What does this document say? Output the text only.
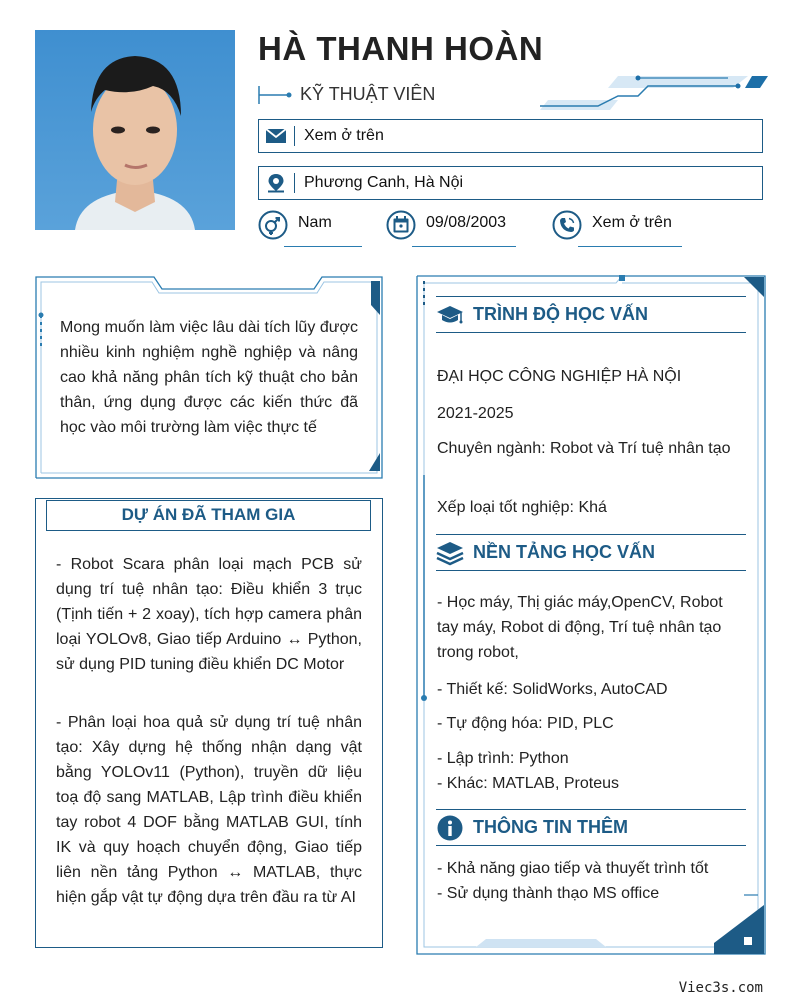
HÀ THANH HOÀN
KỸ THUẬT VIÊN
Xem ở trên
Phương Canh, Hà Nội
Nam	09/08/2003	Xem ở trên
Mong muốn làm việc lâu dài tích lũy được nhiều kinh nghiệm nghề nghiệp và nâng cao khả năng phân tích kỹ thuật cho bản thân, ứng dụng được các kiến thức đã học vào môi trường làm việc thực tế
DỰ ÁN ĐÃ THAM GIA
- Robot Scara phân loại mạch PCB sử dụng trí tuệ nhân tạo: Điều khiển 3 trục (Tịnh tiến + 2 xoay), tích hợp camera phân loại YOLOv8, Giao tiếp Arduino ↔ Python, sử dụng PID tuning điều khiển DC Motor
- Phân loại hoa quả sử dụng trí tuệ nhân tạo: Xây dựng hệ thống nhận dạng vật bằng YOLOv11 (Python), truyền dữ liệu toạ độ sang MATLAB, Lập trình điều khiển tay robot 4 DOF bằng MATLAB GUI, tính IK và quy hoạch chuyển động, Giao tiếp liên nền tảng Python ↔ MATLAB, thực hiện gắp vật tự động dựa trên đầu ra từ AI
TRÌNH ĐỘ HỌC VẤN
ĐẠI HỌC CÔNG NGHIỆP HÀ NỘI
2021-2025
Chuyên ngành: Robot và Trí tuệ nhân tạo
Xếp loại tốt nghiệp: Khá
NỀN TẢNG HỌC VẤN
- Học máy, Thị giác máy,OpenCV, Robot tay máy, Robot di động, Trí tuệ nhân tạo trong robot,
- Thiết kế: SolidWorks, AutoCAD
- Tự động hóa: PID, PLC
- Lập trình: Python
- Khác: MATLAB, Proteus
THÔNG TIN THÊM
- Khả năng giao tiếp và thuyết trình tốt
- Sử dụng thành thạo MS office
Viec3s.com
